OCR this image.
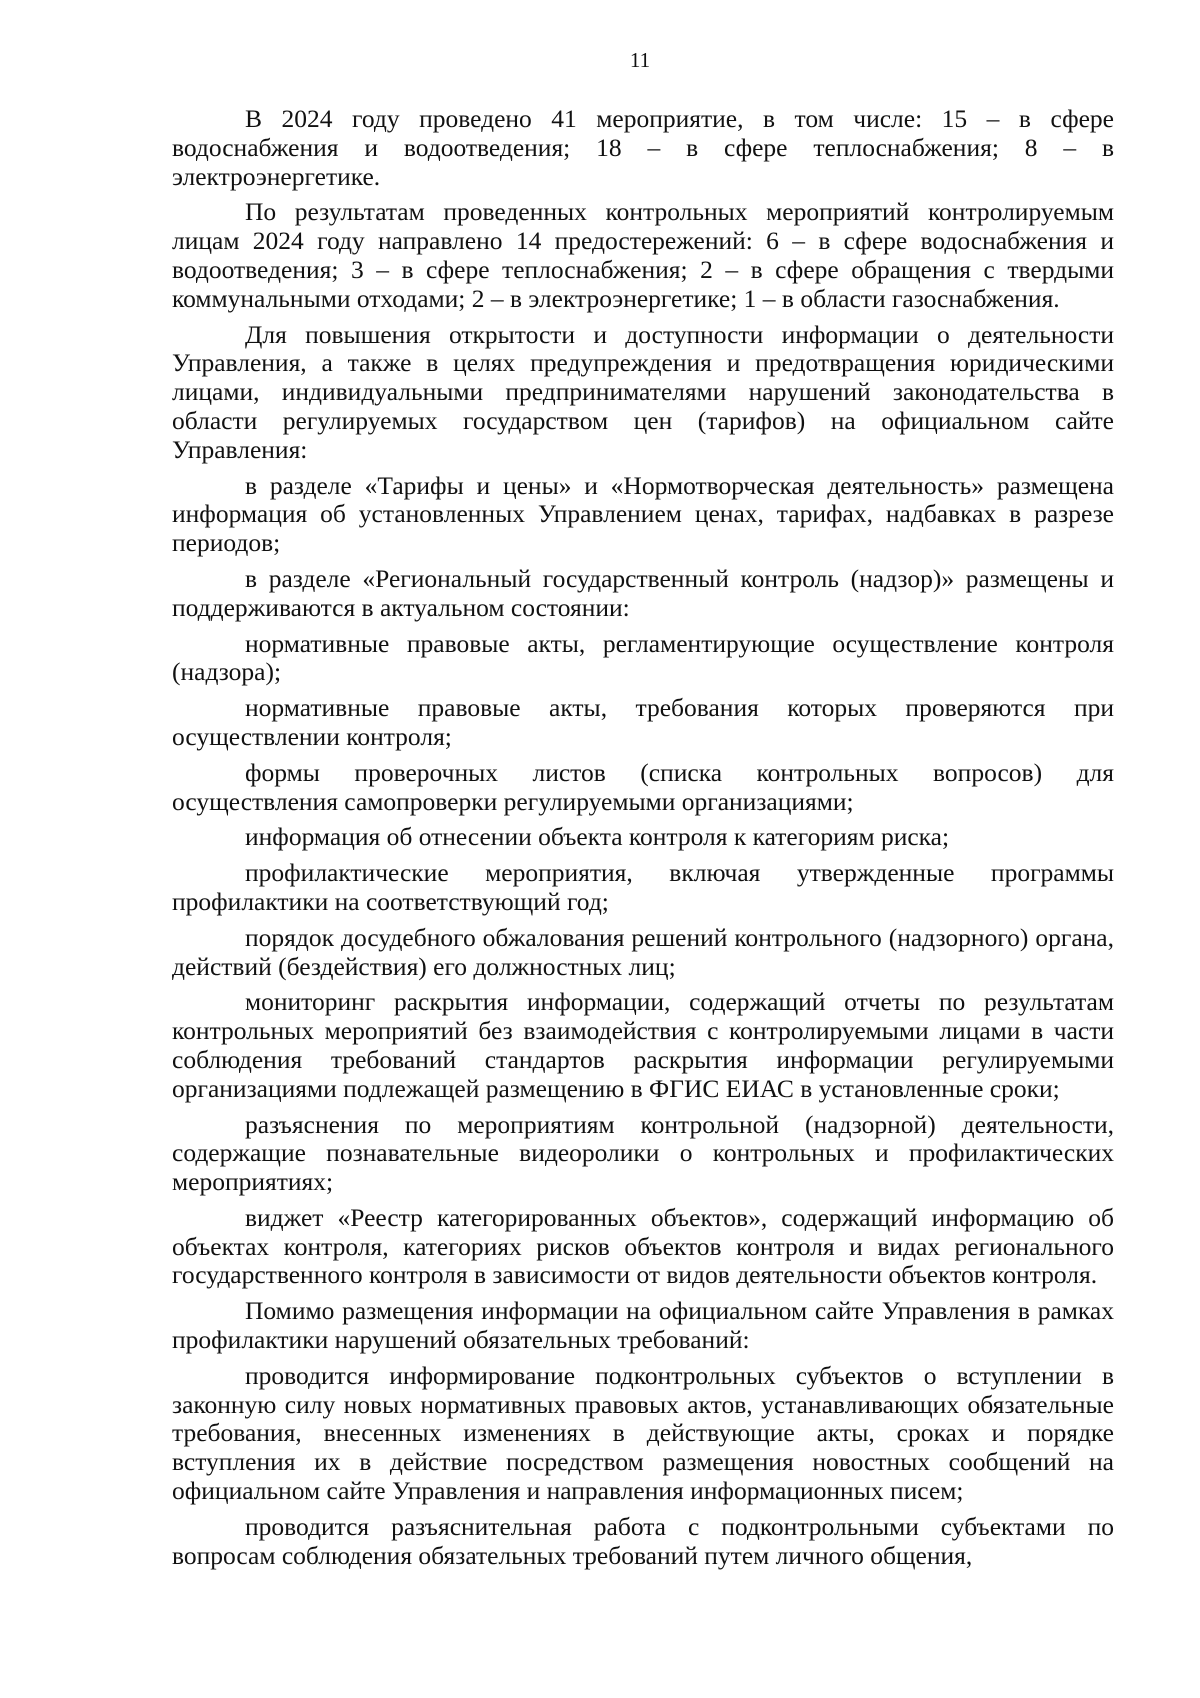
11

В 2024 году проведено 41 мероприятие, в том числе: 15 – в сфере водоснабжения и водоотведения; 18 – в сфере теплоснабжения; 8 – в электроэнергетике.

По результатам проведенных контрольных мероприятий контролируемым лицам 2024 году направлено 14 предостережений: 6 – в сфере водоснабжения и водоотведения; 3 – в сфере теплоснабжения; 2 – в сфере обращения с твердыми коммунальными отходами; 2 – в электроэнергетике; 1 – в области газоснабжения.

Для повышения открытости и доступности информации о деятельности Управления, а также в целях предупреждения и предотвращения юридическими лицами, индивидуальными предпринимателями нарушений законодательства в области регулируемых государством цен (тарифов) на официальном сайте Управления:

в разделе «Тарифы и цены» и «Нормотворческая деятельность» размещена информация об установленных Управлением ценах, тарифах, надбавках в разрезе периодов;

в разделе «Региональный государственный контроль (надзор)» размещены и поддерживаются в актуальном состоянии:

нормативные правовые акты, регламентирующие осуществление контроля (надзора);

нормативные правовые акты, требования которых проверяются при осуществлении контроля;

формы проверочных листов (списка контрольных вопросов) для осуществления самопроверки регулируемыми организациями;

информация об отнесении объекта контроля к категориям риска;

профилактические мероприятия, включая утвержденные программы профилактики на соответствующий год;

порядок досудебного обжалования решений контрольного (надзорного) органа, действий (бездействия) его должностных лиц;

мониторинг раскрытия информации, содержащий отчеты по результатам контрольных мероприятий без взаимодействия с контролируемыми лицами в части соблюдения требований стандартов раскрытия информации регулируемыми организациями подлежащей размещению в ФГИС ЕИАС в установленные сроки;

разъяснения по мероприятиям контрольной (надзорной) деятельности, содержащие познавательные видеоролики о контрольных и профилактических мероприятиях;

виджет «Реестр категорированных объектов», содержащий информацию об объектах контроля, категориях рисков объектов контроля и видах регионального государственного контроля в зависимости от видов деятельности объектов контроля.

Помимо размещения информации на официальном сайте Управления в рамках профилактики нарушений обязательных требований:

проводится информирование подконтрольных субъектов о вступлении в законную силу новых нормативных правовых актов, устанавливающих обязательные требования, внесенных изменениях в действующие акты, сроках и порядке вступления их в действие посредством размещения новостных сообщений на официальном сайте Управления и направления информационных писем;

проводится разъяснительная работа с подконтрольными субъектами по вопросам соблюдения обязательных требований путем личного общения,
